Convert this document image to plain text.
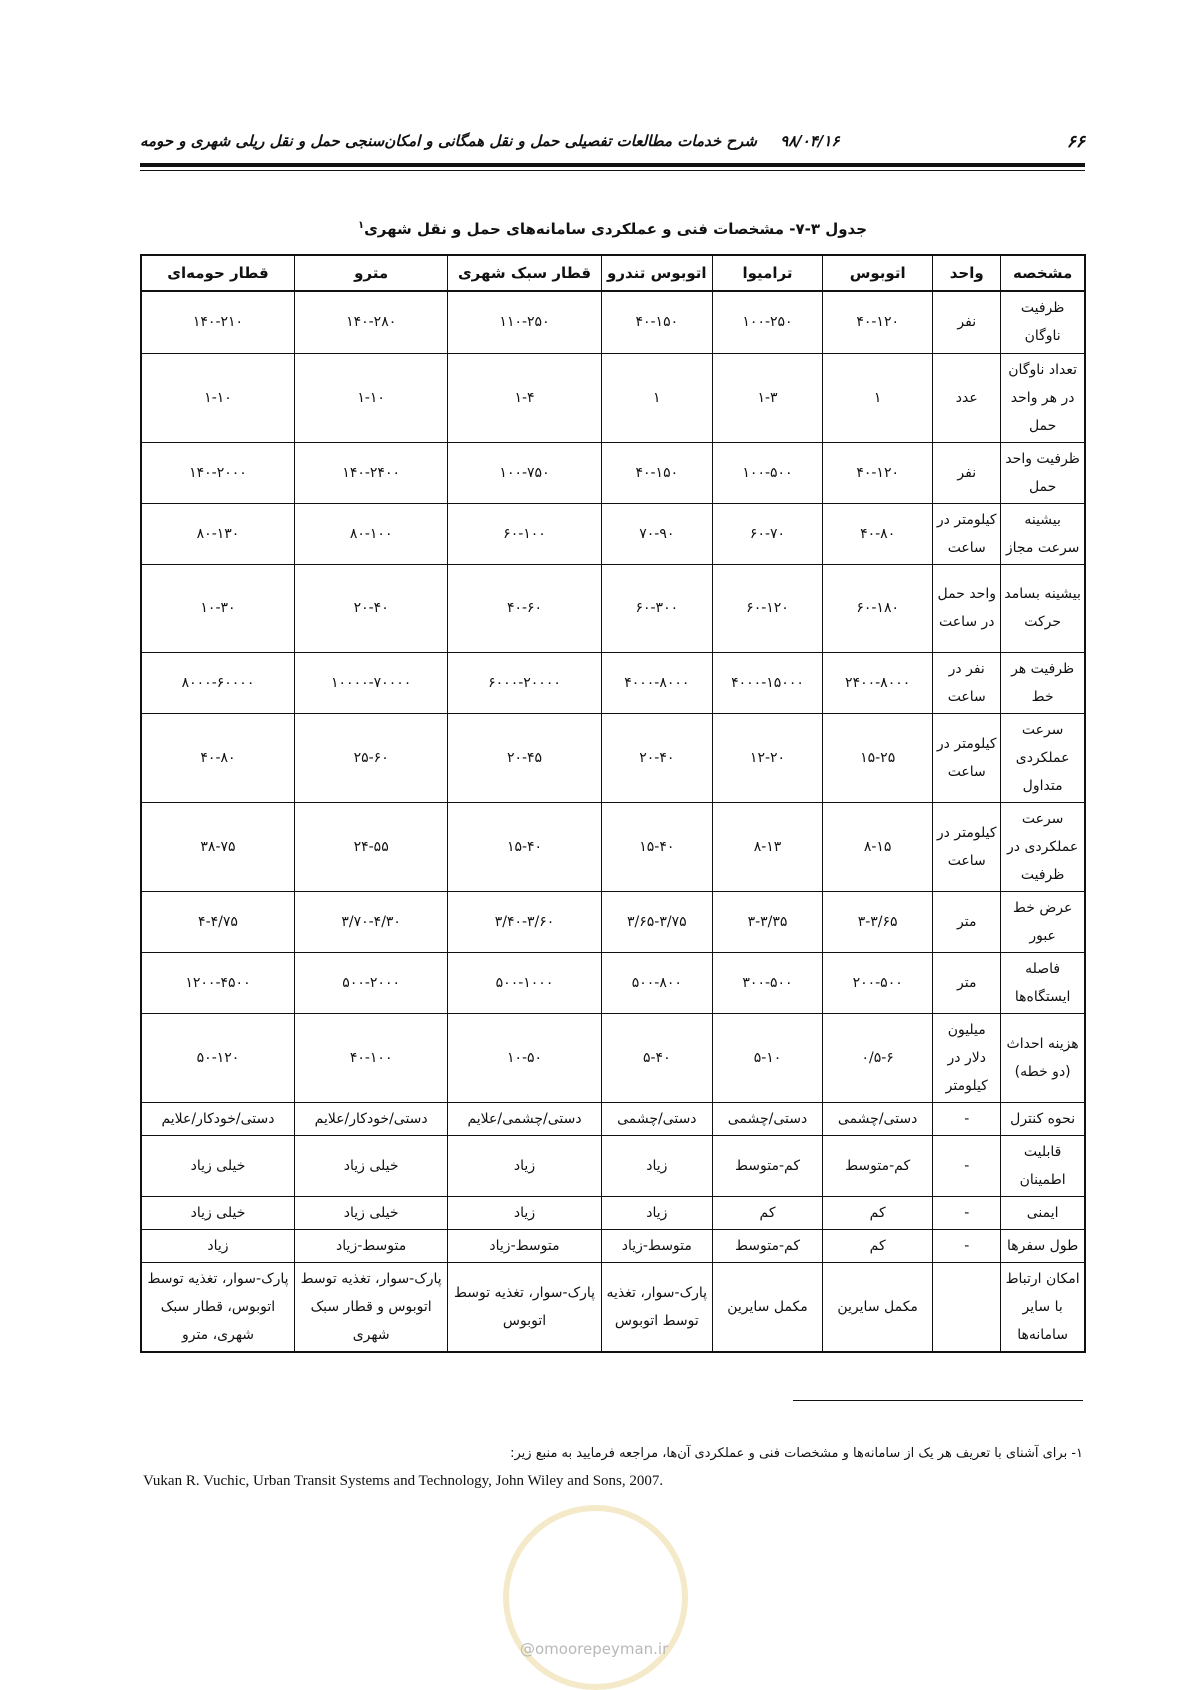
۶۶
۹۸/۰۴/۱۶ شرح خدمات مطالعات تفصیلی حمل و نقل همگانی و امکان‌سنجی حمل و نقل ریلی شهری و حومه
جدول ۳-۷- مشخصات فنی و عملکردی سامانه‌های حمل و نقل شهری$^۱$
مشخصه	واحد	اتوبوس	ترامیوا	اتوبوس تندرو	قطار سبک شهری	مترو	قطار حومه‌ای
ظرفیت ناوگان	نفر	۴۰-۱۲۰	۱۰۰-۲۵۰	۴۰-۱۵۰	۱۱۰-۲۵۰	۱۴۰-۲۸۰	۱۴۰-۲۱۰
تعداد ناوگان در هر واحد حمل	عدد	۱	۱-۳	۱	۱-۴	۱-۱۰	۱-۱۰
ظرفیت واحد حمل	نفر	۴۰-۱۲۰	۱۰۰-۵۰۰	۴۰-۱۵۰	۱۰۰-۷۵۰	۱۴۰-۲۴۰۰	۱۴۰-۲۰۰۰
بیشینه سرعت مجاز	کیلومتر در ساعت	۴۰-۸۰	۶۰-۷۰	۷۰-۹۰	۶۰-۱۰۰	۸۰-۱۰۰	۸۰-۱۳۰
بیشینه بسامد حرکت	واحد حمل در ساعت	۶۰-۱۸۰	۶۰-۱۲۰	۶۰-۳۰۰	۴۰-۶۰	۲۰-۴۰	۱۰-۳۰
ظرفیت هر خط	نفر در ساعت	۲۴۰۰-۸۰۰۰	۴۰۰۰-۱۵۰۰۰	۴۰۰۰-۸۰۰۰	۶۰۰۰-۲۰۰۰۰	۱۰۰۰۰-۷۰۰۰۰	۸۰۰۰-۶۰۰۰۰
سرعت عملکردی متداول	کیلومتر در ساعت	۱۵-۲۵	۱۲-۲۰	۲۰-۴۰	۲۰-۴۵	۲۵-۶۰	۴۰-۸۰
سرعت عملکردی در ظرفیت	کیلومتر در ساعت	۸-۱۵	۸-۱۳	۱۵-۴۰	۱۵-۴۰	۲۴-۵۵	۳۸-۷۵
عرض خط عبور	متر	۳-۳/۶۵	۳-۳/۳۵	۳/۶۵-۳/۷۵	۳/۴۰-۳/۶۰	۳/۷۰-۴/۳۰	۴-۴/۷۵
فاصله ایستگاه‌ها	متر	۲۰۰-۵۰۰	۳۰۰-۵۰۰	۵۰۰-۸۰۰	۵۰۰-۱۰۰۰	۵۰۰-۲۰۰۰	۱۲۰۰-۴۵۰۰
هزینه احداث (دو خطه)	میلیون دلار در کیلومتر	۰/۵-۶	۵-۱۰	۵-۴۰	۱۰-۵۰	۴۰-۱۰۰	۵۰-۱۲۰
نحوه کنترل	-	دستی/چشمی	دستی/چشمی	دستی/چشمی	دستی/چشمی/علایم	دستی/خودکار/علایم	دستی/خودکار/علایم
قابلیت اطمینان	-	کم-متوسط	کم-متوسط	زیاد	زیاد	خیلی زیاد	خیلی زیاد
ایمنی	-	کم	کم	زیاد	زیاد	خیلی زیاد	خیلی زیاد
طول سفرها	-	کم	کم-متوسط	متوسط-زیاد	متوسط-زیاد	متوسط-زیاد	زیاد
امکان ارتباط با سایر سامانه‌ها		مکمل سایرین	مکمل سایرین	پارک-سوار، تغذیه توسط اتوبوس	پارک-سوار، تغذیه توسط اتوبوس	پارک-سوار، تغذیه توسط اتوبوس و قطار سبک شهری	پارک-سوار، تغذیه توسط اتوبوس، قطار سبک شهری، مترو
۱- برای آشنای با تعریف هر یک از سامانه‌ها و مشخصات فنی و عملکردی آن‌ها، مراجعه فرمایید به منبع زیر:
Vukan R. Vuchic, Urban Transit Systems and Technology, John Wiley and Sons, 2007.
@omoorepeyman.ir
